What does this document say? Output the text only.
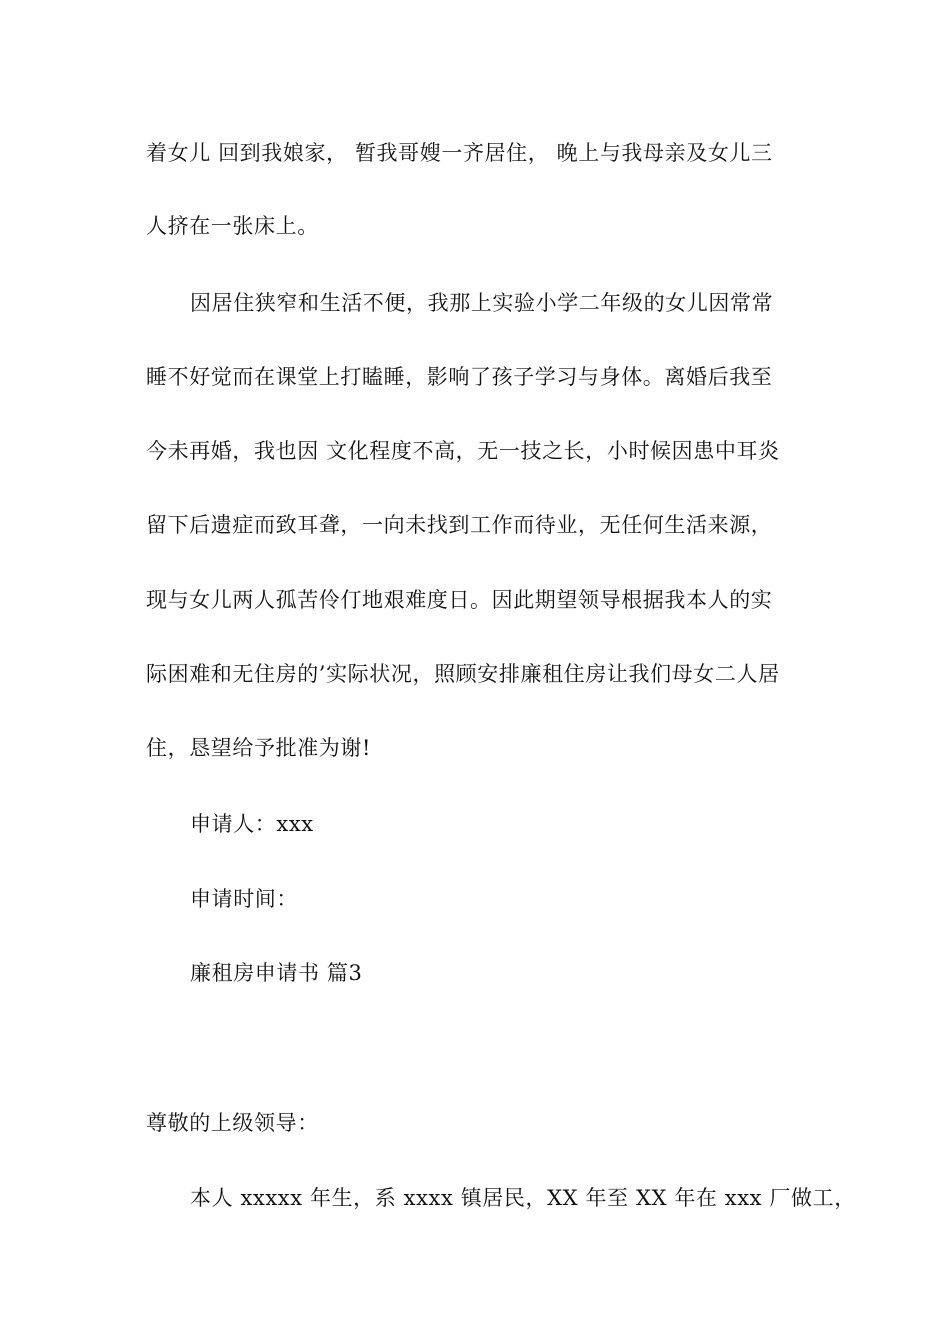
着女儿 回到我娘家， 暂我哥嫂一齐居住， 晚上与我母亲及女儿三
人挤在一张床上。
因居住狭窄和生活不便，我那上实验小学二年级的女儿因常常
睡不好觉而在课堂上打瞌睡，影响了孩子学习与身体。离婚后我至
今未再婚，我也因 文化程度不高，无一技之长，小时候因患中耳炎
留下后遗症而致耳聋，一向未找到工作而待业，无任何生活来源，
现与女儿两人孤苦伶仃地艰难度日。因此期望领导根据我本人的实
际困难和无住房的’实际状况，照顾安排廉租住房让我们母女二人居
住，恳望给予批准为谢!
申请人：xxx
申请时间：
廉租房申请书 篇3
尊敬的上级领导：
本人 xxxxx 年生，系 xxxx 镇居民，XX 年至 XX 年在 xxx 厂做工，
